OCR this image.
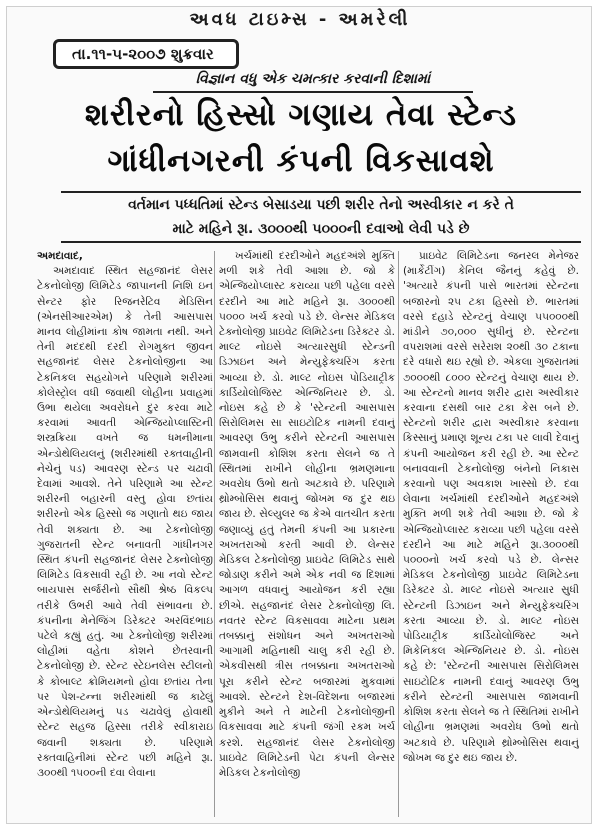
અવધ ટાઇમ્સ - અમરેલી
તા.૧૧-૫-૨૦૦૭ શુક્રવાર
વિજ્ઞાન વધુ એક ચમત્કાર કરવાની દિશામાં
શરીરનો હિસ્સો ગણાય તેવા સ્ટેન્ડ
ગાંધીનગરની કંપની વિકસાવશે
વર્તમાન પધ્ધતિમાં સ્ટેન્ડ બેસાડયા પછી શરીર તેનો અસ્વીકાર ન કરે તે
માટે મહિને રૂા. ૩૦૦૦થી ૫૦૦૦ની દવાઓ લેવી પડે છે
અમદાવાદ,

અમદાવાદ સ્થિત સહજાનંદ લેસર ટેકનોલોજી લિમિટેડ જાપાનની નિશિ ઇન સેન્ટર ફોર રિજનરેટિવ મેડિસિન (એનસીઆરએમ) કે તેની આસપાસ માનવ લોહીમાંના કોષ જામતા નથી. અને તેની મદદથી દરદી રોગમુક્ત જીવન સહજાનંદ લેસર ટેકનોલોજીના આ ટેકનિકલ સહયોગને પરિણામે શરીરમાં કોલેસ્ટ્રોલ વધી જવાથી લોહીના પ્રવાહમાં ઉભા થયેલા અવરોધને દુર કરવા માટે કરવામાં આવતી એન્જિયોપ્લાસ્ટિની શસ્ત્રક્રિયા વખતે જ ધમનીમાના એન્ડોથેલિયલનું (શરીરમાંથી રક્તવાહીની નેચેનું પડ) આવરણ સ્ટેન્ડ પર ચઢાવી દેવામાં આવશે. તેને પરિણામે આ સ્ટેન્ટ શરીરની બહારની વસ્તુ હોવા છતાંય શરીરનો એક હિસ્સો જ ગણાતો થઇ જાય તેવી શક્યતા છે. આ ટેકનોલોજી ગુજરાતની સ્ટેન્ટ બનાવતી ગાંધીનગર સ્થિત કંપની સહજાનંદ લેસર ટેક્નોલોજી લિમિટેડ વિકસાવી રહી છે. આ નવો સ્ટેન્ટ બાયપાસ સર્જરીનો સૌથી શ્રેષ્ઠ વિકલ્પ તરીકે ઉભરી આવે તેવી સંભાવના છે. કંપનીના મેનેજિંગ ડિરેક્ટર અરવિંદભાઇ પટેલે કહ્યું હતું. આ ટેક્નોલોજી શરીરમાં લોહીમાં વહેતા કોશને છેતરવાની ટેકનોલોજી છે. સ્ટેન્ટ સ્ટેઇનલેસ સ્ટીલનો કે કોબાલ્ટ ક્રોમિયમનો હોવા છતાંય તેના પર પેશ-ટન્ના શરીરમાંથી જ કાઢેલું એન્ડોથેલિયમનું પડ ચઢાવેલું હોવાથી સ્ટેન્ટ સહજ હિસ્સા તરીકે સ્વીકારાઇ જવાની શક્યતા છે. પરિણામે રક્તવાહિનીમાં સ્ટેન્ટ પછી મહિને રૂા. ૩૦૦થી ૧૫૦૦ની દવા લેવાના

ખર્ચમાંથી દરદીઓને મહદઅંશે મુક્તિ મળી શકે તેવી આશા છે. જો કે એન્જિયોપ્લાસ્ટ કરાવ્યા પછી પહેલા વરસે દરદીને આ માટે મહિને રૂા. ૩૦૦૦થી ૫૦૦૦ ખર્ચ કરવો પડે છે. લેન્સર મેડિકલ ટેક્નોલોજી પ્રાઇવેટ લિમિટેડના ડિરેક્ટર ડો. માલ્ટ નોઇસે અત્યારસુધી સ્ટેન્ડની ડિઝાઇન અને મેન્યુફેક્ચરિંગ કરતા આવ્યા છે. ડો. માલ્ટ નોઇસ પોડિયાટ્રીક કાર્ડિયોલોજિસ્ટ એન્જિનિયર છે. ડો. નોઇસ કહે છે કે 'સ્ટેન્ટની આસપાસ સિરોલિમસ સા સાઇટોટિક નામની દવાનું આવરણ ઉભુ કરીને સ્ટેન્ટની આસપાસ જામવાની કોશિશ કરતા સેલને જ તે સ્થિતમાં રાખીને લોહીના ભ્રમણમાના અવરોધ ઉભો થતો અટકાવે છે. પરિણામે થ્રોમ્બોસિસ થવાનું જોખમ જ દુર થઇ જાય છે. સેલ્યુલર જ કેએ વાતચીત કરતા જણાવ્યું હતું તેમની કંપની આ પ્રકારના અખતરાઓ કરતી આવી છે. લેન્સર મેડિકલ ટેક્નોલોજી પ્રાઇવેટ લિમિટેડ સાથે જોડાણ કરીને અમે એક નવી જ દિશામાં આગળ વધવાનું આયોજન કરી રહ્યા છીએ. સહજાનંદ લેસર ટેક્નોલોજી લિ. નવતર સ્ટેન્ટ વિકસાવવા માટેના પ્રથમ તબક્કાનું સંશોધન અને અખતરાઓ આગામી મહિનાથી ચાલુ કરી રહી છે. એકવીસથી ત્રીસ તબક્કાના અખતરાઓ પૂરા કરીને સ્ટેન્ટ બજારમાં મુકવામાં આવશે. સ્ટેન્ટને દેશ-વિદેશના બજારમાં મુકીને અને તે માટેની ટેકનોલોજીની વિકસાવવા માટે કંપની જંગી રકમ ખર્ચ કરશે. સહજાનંદ લેસર ટેકનોલોજી પ્રાઇવેટ લિમિટેડની પેટા કંપની લેન્સર મેડિકલ ટેકનોલોજી

પ્રાઇવેટ લિમિટેડના જનરલ મેનેજર (માર્કેટીંગ) કેનિલ જૈનનું કહેવું છે. 'અત્યારે કંપની પાસે ભારતમાં સ્ટેન્ટના બજારનો ૨૫ ટકા હિસ્સો છે. ભારતમાં વરસે દહાડે સ્ટેન્ટનું વેચાણ ૫૫૦૦૦થી માંડીને ૭૦,૦૦૦ સુધીનું છે. સ્ટેન્ટના વપરાશમાં વરસે સરેરાશ ૨૦થી ૩૦ ટકાના દરે વધારો થઇ રહ્યો છે. એકલા ગુજરાતમાં ૭૦૦૦થી ૮૦૦૦ સ્ટેન્ટનું વેચાણ થાય છે. આ સ્ટેન્ટનો માનવ શરીર દ્વારા અસ્વીકાર કરવાના દસથી બાર ટકા કેસ બને છે. સ્ટેન્ટનો શરીર દ્વારા અસ્વીકાર કરવાના કિસ્સાનું પ્રમાણ શૂન્ય ટકા પર લાવી દેવાનું કંપની આયોજન કરી રહી છે. આ સ્ટેન્ટ બનાવવાની ટેકનોલોજી બંનેનો નિકાસ કરવાનો પણ અવકાશ ખાસ્સો છે. દવા લેવાના ખર્ચમાંથી દરદીઓને મહદઅંશે મુક્તિ મળી શકે તેવી આશા છે. જો કે એન્જિયોપ્લાસ્ટ કરાવ્યા પછી પહેલા વરસે દરદીને આ માટે મહિને રૂા.૩૦૦૦થી ૫૦૦૦નો ખર્ચ કરવો પડે છે. લેન્સર મેડિકલ ટેકનોલોજી પ્રાઇવેટ લિમિટેડના ડિરેક્ટર ડો. માલ્ટ નોઇસે અત્યાર સુધી સ્ટેન્ટની ડિઝાઇન અને મેન્યુફેક્ચરિંગ કરતા આવ્યા છે. ડો. માલ્ટ નોઇસ પોડિયાટ્રીક કાર્ડિયોલોજિસ્ટ અને મિકેનિકલ એન્જિનિયર છે. ડો. નોઇસ કહે છે: 'સ્ટેન્ટની આસપાસ સિરોલિમસ સાઇટોટિક નામની દવાનું આવરણ ઉભુ કરીને સ્ટેન્ટની આસપાસ જામવાની કોશિશ કરતા સેલને જ તે સ્થિતિમાં રાખીને લોહીના ભ્રમણમાં અવરોધ ઉભો થતો અટકાવે છે. પરિણામે થ્રોમ્બોસિસ થવાનું જોખમ જ દુર થઇ જાય છે.
